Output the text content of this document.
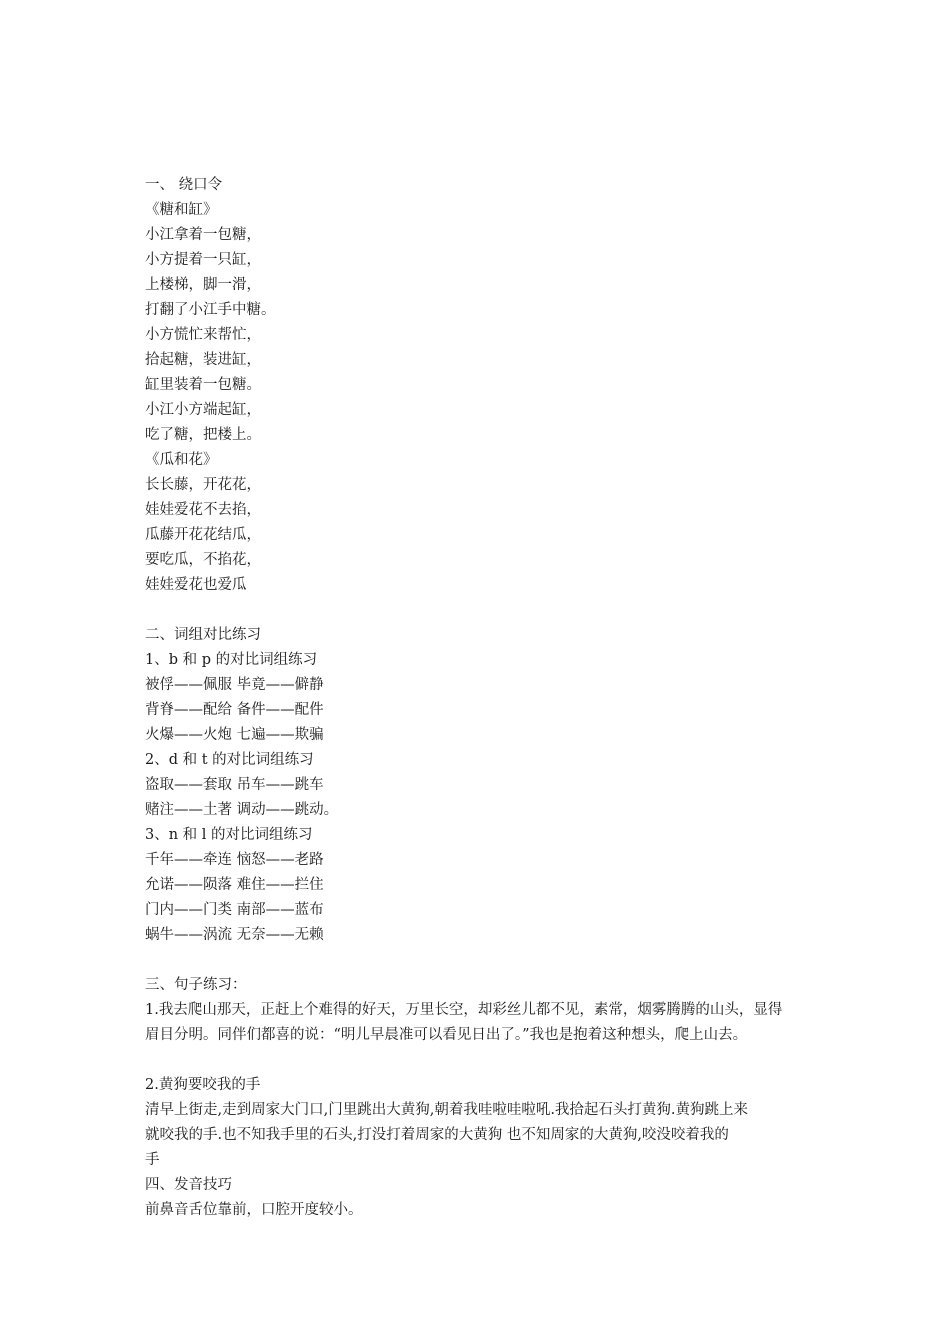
一、 绕口令
《糖和缸》
小江拿着一包糖，
小方提着一只缸，
上楼梯，脚一滑，
打翻了小江手中糖。
小方慌忙来帮忙，
拾起糖，装进缸，
缸里装着一包糖。
小江小方端起缸，
吃了糖，把楼上。
《瓜和花》
长长藤，开花花，
娃娃爱花不去掐，
瓜藤开花花结瓜，
要吃瓜，不掐花，
娃娃爱花也爱瓜
二、词组对比练习
1、b 和 p 的对比词组练习
被俘——佩服 毕竟——僻静
背脊——配给 备件——配件
火爆——火炮 七遍——欺骗
2、d 和 t 的对比词组练习
盗取——套取 吊车——跳车
赌注——土著 调动——跳动。
3、n 和 l 的对比词组练习
千年——牵连 恼怒——老路
允诺——陨落 难住——拦住
门内——门类 南部——蓝布
蜗牛——涡流 无奈——无赖
三、句子练习：
1.我去爬山那天，正赶上个难得的好天，万里长空，却彩丝儿都不见，素常，烟雾腾腾的山头，显得
眉目分明。同伴们都喜的说：“明儿早晨准可以看见日出了。”我也是抱着这种想头，爬上山去。
2.黄狗要咬我的手
清早上街走,走到周家大门口,门里跳出大黄狗,朝着我哇啦哇啦吼.我拾起石头打黄狗.黄狗跳上来
就咬我的手.也不知我手里的石头,打没打着周家的大黄狗 也不知周家的大黄狗,咬没咬着我的
手
四、发音技巧
前鼻音舌位靠前，口腔开度较小。
